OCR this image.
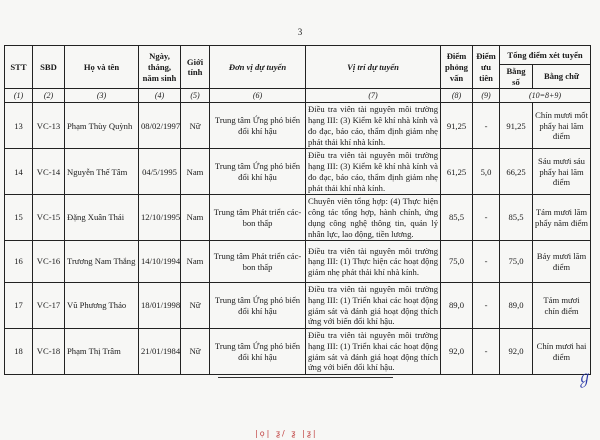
3
STT	SBD	Họ và tên	Ngày, tháng, năm sinh	Giới tính	Đơn vị dự tuyển	Vị trí dự tuyển	Điểm phỏng vấn	Điểm ưu tiên	Tổng điểm xét tuyển	
									Bằng số	Bằng chữ
(1)	(2)	(3)	(4)	(5)	(6)	(7)	(8)	(9)	(10=8+9)	
13	VC-13	Phạm Thùy Quỳnh	08/02/1997	Nữ	Trung tâm Ứng phó biến đổi khí hậu	Điều tra viên tài nguyên môi trường hạng III: (3) Kiểm kê khí nhà kính và đo đạc, báo cáo, thẩm định giảm nhẹ phát thải khí nhà kính.	91,25	-	91,25	Chín mươi mốt phẩy hai lăm điểm
14	VC-14	Nguyễn Thế Tâm	04/5/1995	Nam	Trung tâm Ứng phó biến đổi khí hậu	Điều tra viên tài nguyên môi trường hạng III: (3) Kiểm kê khí nhà kính và đo đạc, báo cáo, thẩm định giảm nhẹ phát thải khí nhà kính.	61,25	5,0	66,25	Sáu mươi sáu phẩy hai lăm điểm
15	VC-15	Đặng Xuân Thái	12/10/1995	Nam	Trung tâm Phát triển các-bon thấp	Chuyên viên tổng hợp: (4) Thực hiện công tác tổng hợp, hành chính, ứng dụng công nghệ thông tin, quản lý nhân lực, lao động, tiền lương.	85,5	-	85,5	Tám mươi lăm phẩy năm điểm
16	VC-16	Trương Nam Thắng	14/10/1994	Nam	Trung tâm Phát triển các-bon thấp	Điều tra viên tài nguyên môi trường hạng III: (1) Thực hiện các hoạt động giảm nhẹ phát thải khí nhà kính.	75,0	-	75,0	Bảy mươi lăm điểm
17	VC-17	Vũ Phương Thảo	18/01/1998	Nữ	Trung tâm Ứng phó biến đổi khí hậu	Điều tra viên tài nguyên môi trường hạng III: (1) Triển khai các hoạt động giám sát và đánh giá hoạt động thích ứng với biến đổi khí hậu.	89,0	-	89,0	Tám mươi chín điểm
18	VC-18	Phạm Thị Trâm	21/01/1984	Nữ	Trung tâm Ứng phó biến đổi khí hậu	Điều tra viên tài nguyên môi trường hạng III: (1) Triển khai các hoạt động giám sát và đánh giá hoạt động thích ứng với biến đổi khí hậu.	92,0	-	92,0	Chín mươi hai điểm
ℊ
|ọ| ƺ/ ƺ |ƺ|
